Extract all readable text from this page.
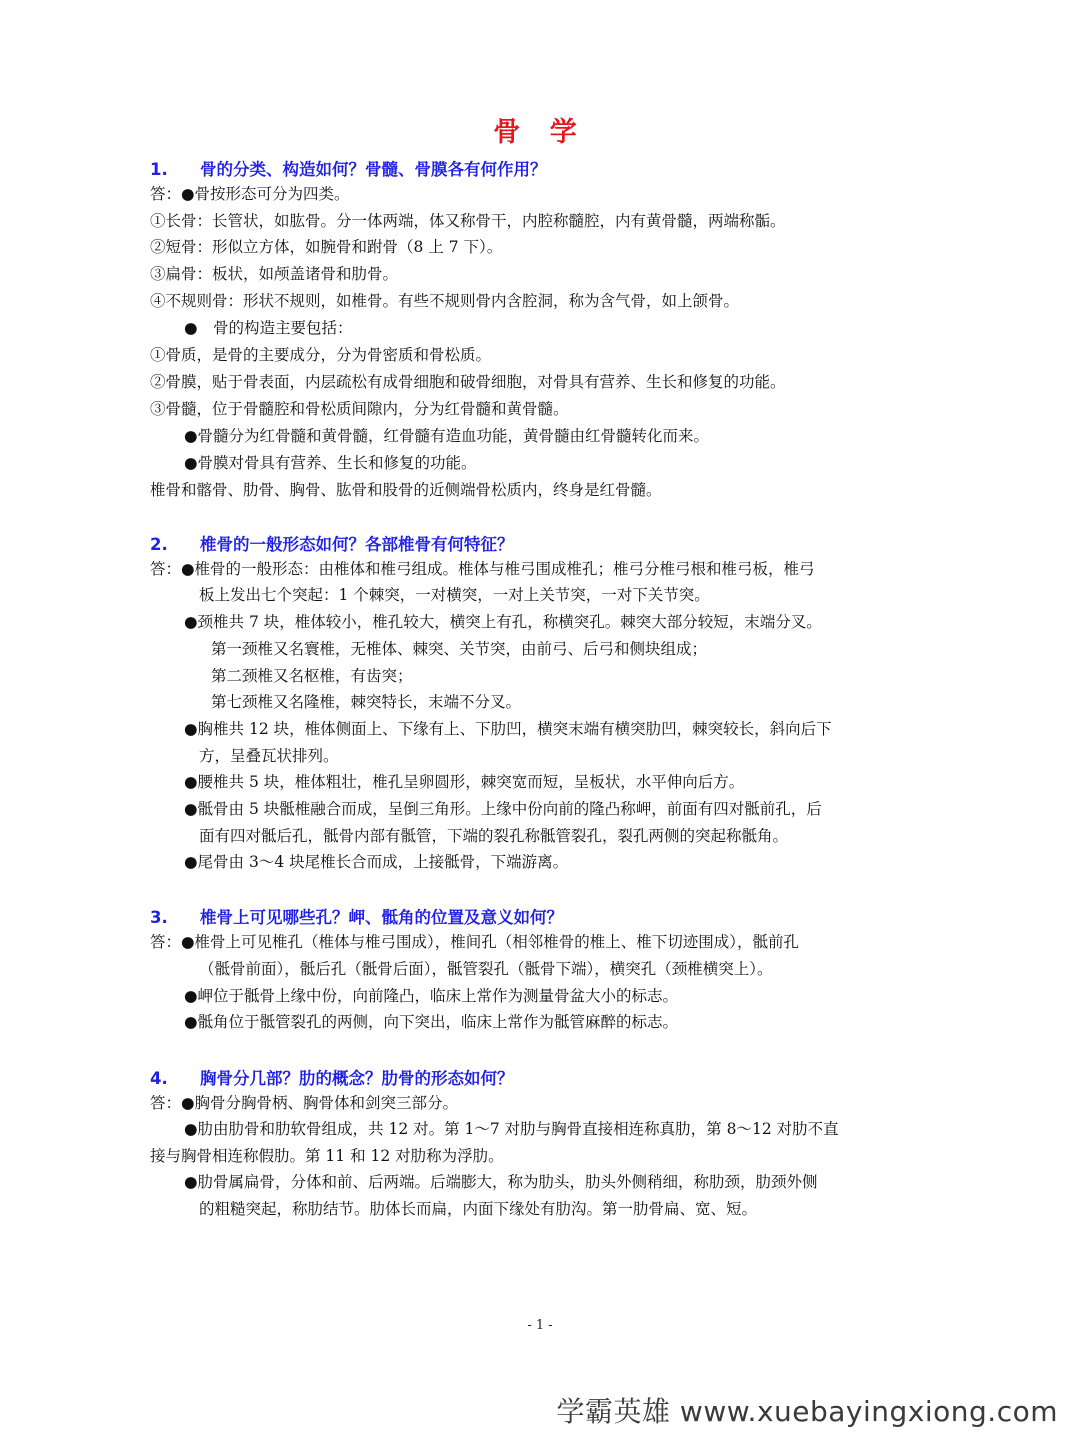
骨 学
1. 骨的分类、构造如何？骨髓、骨膜各有何作用？
答：●骨按形态可分为四类。
①长骨：长管状，如肱骨。分一体两端，体又称骨干，内腔称髓腔，内有黄骨髓，两端称骺。
②短骨：形似立方体，如腕骨和跗骨（8 上 7 下）。
③扁骨：板状，如颅盖诸骨和肋骨。
④不规则骨：形状不规则，如椎骨。有些不规则骨内含腔洞，称为含气骨，如上颌骨。
●　骨的构造主要包括：
①骨质，是骨的主要成分，分为骨密质和骨松质。
②骨膜，贴于骨表面，内层疏松有成骨细胞和破骨细胞，对骨具有营养、生长和修复的功能。
③骨髓，位于骨髓腔和骨松质间隙内，分为红骨髓和黄骨髓。
●骨髓分为红骨髓和黄骨髓，红骨髓有造血功能，黄骨髓由红骨髓转化而来。
●骨膜对骨具有营养、生长和修复的功能。
椎骨和髂骨、肋骨、胸骨、肱骨和股骨的近侧端骨松质内，终身是红骨髓。
2. 椎骨的一般形态如何？各部椎骨有何特征？
答：●椎骨的一般形态：由椎体和椎弓组成。椎体与椎弓围成椎孔；椎弓分椎弓根和椎弓板，椎弓
板上发出七个突起：1 个棘突，一对横突，一对上关节突，一对下关节突。
●颈椎共 7 块，椎体较小，椎孔较大，横突上有孔，称横突孔。棘突大部分较短，末端分叉。
第一颈椎又名寰椎，无椎体、棘突、关节突，由前弓、后弓和侧块组成；
第二颈椎又名枢椎，有齿突；
第七颈椎又名隆椎，棘突特长，末端不分叉。
●胸椎共 12 块，椎体侧面上、下缘有上、下肋凹，横突末端有横突肋凹，棘突较长，斜向后下
方，呈叠瓦状排列。
●腰椎共 5 块，椎体粗壮，椎孔呈卵圆形，棘突宽而短，呈板状，水平伸向后方。
●骶骨由 5 块骶椎融合而成，呈倒三角形。上缘中份向前的隆凸称岬，前面有四对骶前孔，后
面有四对骶后孔，骶骨内部有骶管，下端的裂孔称骶管裂孔，裂孔两侧的突起称骶角。
●尾骨由 3～4 块尾椎长合而成，上接骶骨，下端游离。
3. 椎骨上可见哪些孔？岬、骶角的位置及意义如何？
答：●椎骨上可见椎孔（椎体与椎弓围成），椎间孔（相邻椎骨的椎上、椎下切迹围成），骶前孔
（骶骨前面），骶后孔（骶骨后面），骶管裂孔（骶骨下端），横突孔（颈椎横突上）。
●岬位于骶骨上缘中份，向前隆凸，临床上常作为测量骨盆大小的标志。
●骶角位于骶管裂孔的两侧，向下突出，临床上常作为骶管麻醉的标志。
4. 胸骨分几部？肋的概念？肋骨的形态如何？
答：●胸骨分胸骨柄、胸骨体和剑突三部分。
●肋由肋骨和肋软骨组成，共 12 对。第 1～7 对肋与胸骨直接相连称真肋，第 8～12 对肋不直
接与胸骨相连称假肋。第 11 和 12 对肋称为浮肋。
●肋骨属扁骨，分体和前、后两端。后端膨大，称为肋头，肋头外侧稍细，称肋颈，肋颈外侧
的粗糙突起，称肋结节。肋体长而扁，内面下缘处有肋沟。第一肋骨扁、宽、短。
- 1 -
学霸英雄 www.xuebayingxiong.com
